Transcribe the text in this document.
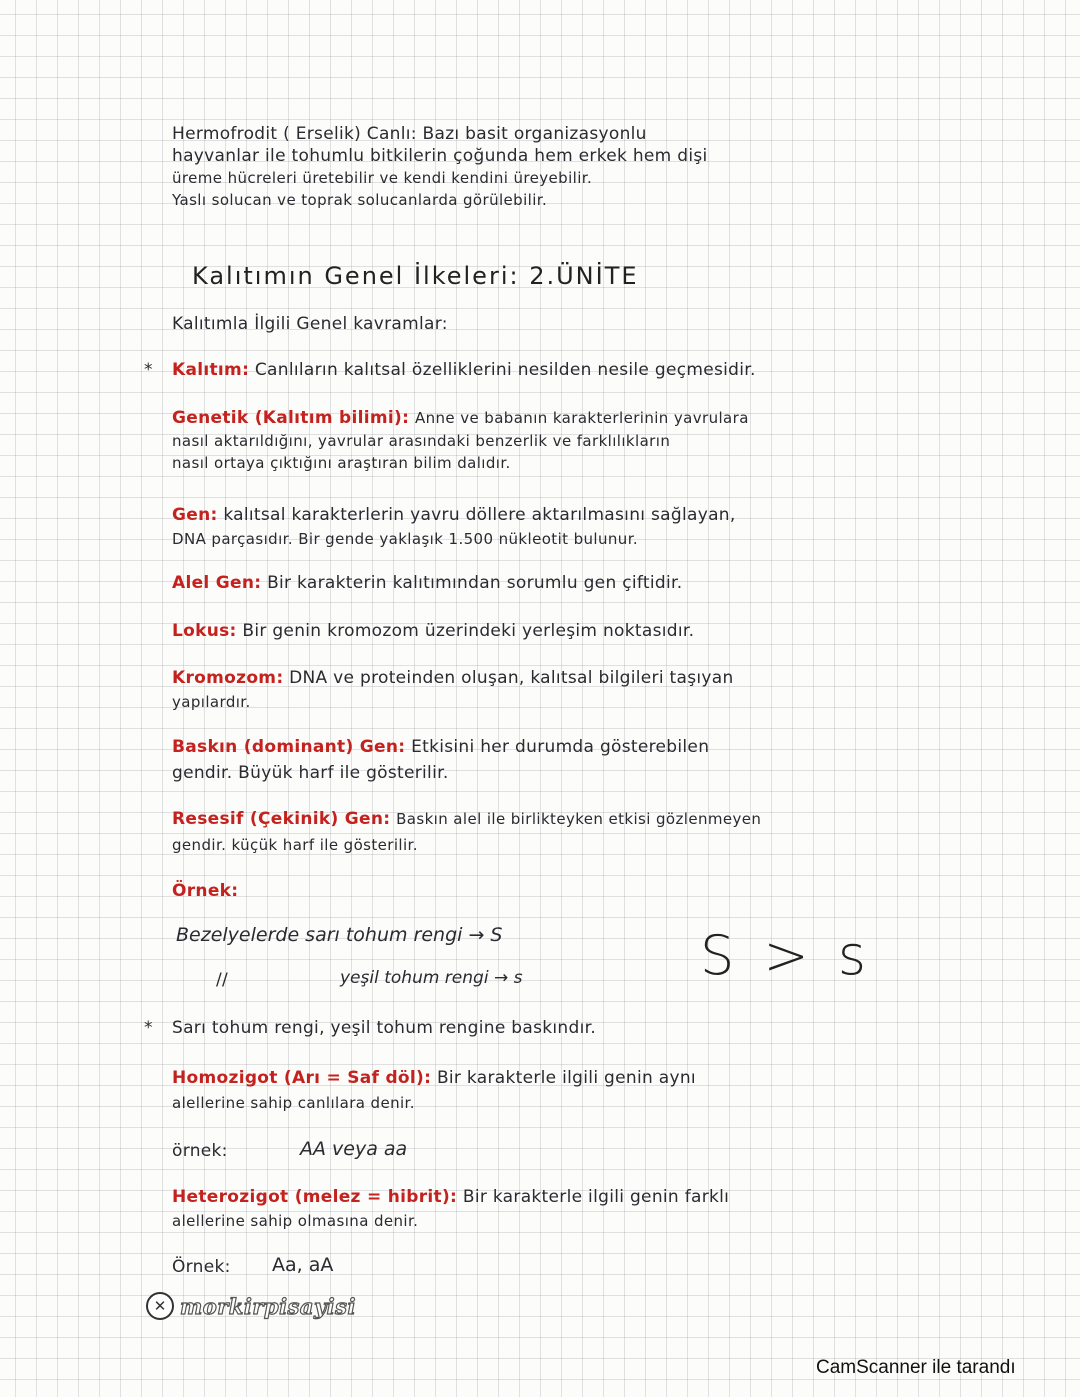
Hermofrodit ( Erselik) Canlı: Bazı basit organizasyonlu
hayvanlar ile tohumlu bitkilerin çoğunda hem erkek hem dişi
üreme hücreleri üretebilir ve kendi kendini üreyebilir.
Yaslı solucan ve toprak solucanlarda görülebilir.
Kalıtımın Genel İlkeleri: 2.ÜNİTE
Kalıtımla İlgili Genel kavramlar:
* Kalıtım: Canlıların kalıtsal özelliklerini nesilden nesile geçmesidir.
Genetik (Kalıtım bilimi): Anne ve babanın karakterlerinin yavrulara
nasıl aktarıldığını, yavrular arasındaki benzerlik ve farklılıkların
nasıl ortaya çıktığını araştıran bilim dalıdır.
Gen: kalıtsal karakterlerin yavru döllere aktarılmasını sağlayan,
DNA parçasıdır. Bir gende yaklaşık 1.500 nükleotit bulunur.
Alel Gen: Bir karakterin kalıtımından sorumlu gen çiftidir.
Lokus: Bir genin kromozom üzerindeki yerleşim noktasıdır.
Kromozom: DNA ve proteinden oluşan, kalıtsal bilgileri taşıyan
yapılardır.
Baskın (dominant) Gen: Etkisini her durumda gösterebilen
gendir. Büyük harf ile gösterilir.
Resesif (Çekinik) Gen: Baskın alel ile birlikteyken etkisi gözlenmeyen
gendir. küçük harf ile gösterilir.
Örnek:
Bezelyelerde sarı tohum rengi → S
//	yeşil tohum rengi → s	S > s
* Sarı tohum rengi, yeşil tohum rengine baskındır.
Homozigot (Arı = Saf döl): Bir karakterle ilgili genin aynı
alellerine sahip canlılara denir.
örnek:	AA veya aa
Heterozigot (melez = hibrit): Bir karakterle ilgili genin farklı
alellerine sahip olmasına denir.
Örnek: Aa, aA
✕ morkirpisayisi
CamScanner ile tarandı
